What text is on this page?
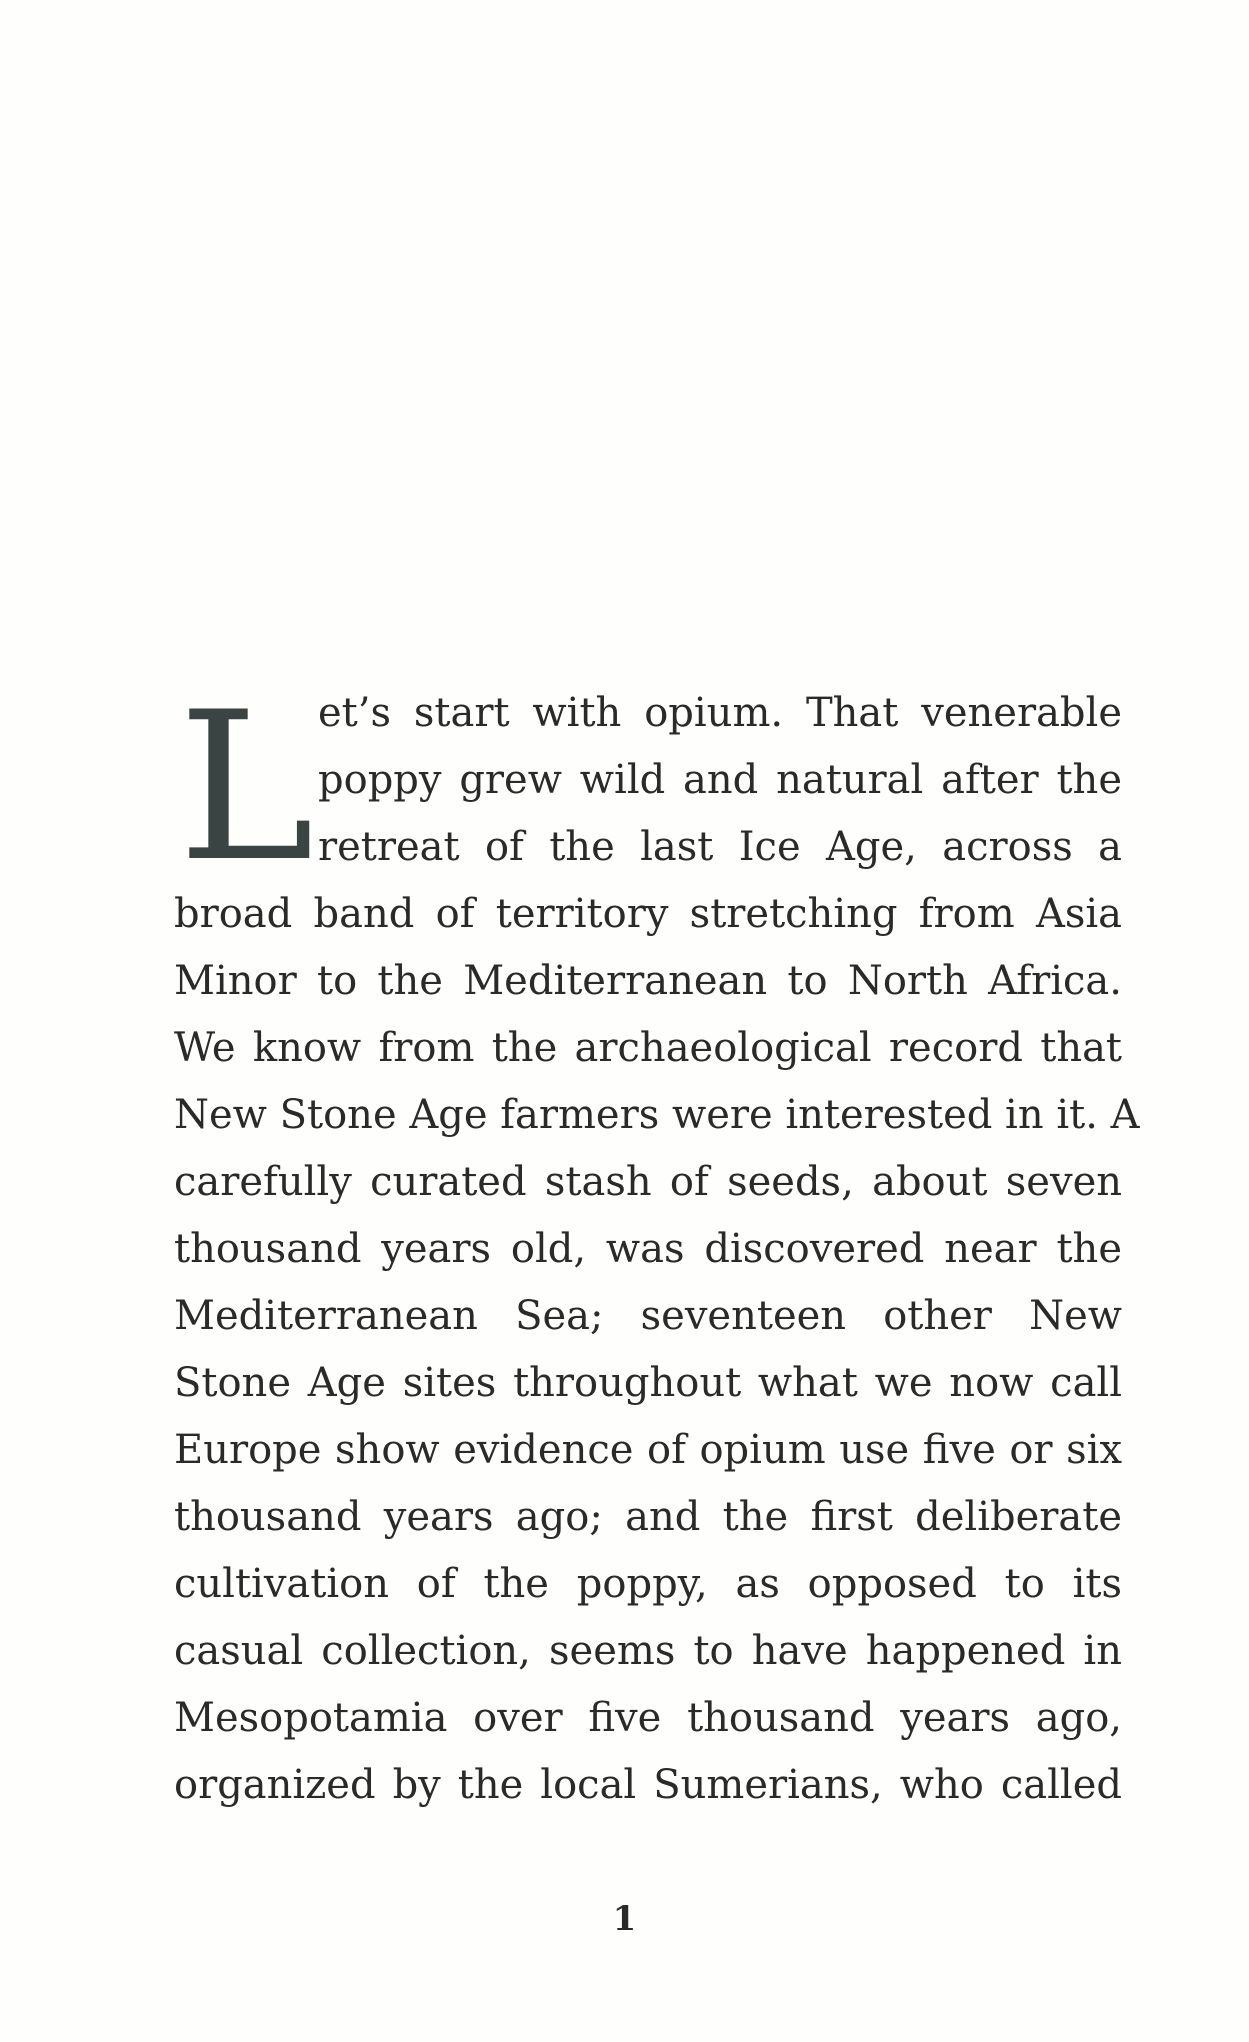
L et’s start with opium. That venerable
poppy grew wild and natural after the
retreat of the last Ice Age, across a
broad band of territory stretching from Asia
Minor to the Mediterranean to North Africa.
We know from the archaeological record that
New Stone Age farmers were interested in it. A
carefully curated stash of seeds, about seven
thousand years old, was discovered near the
Mediterranean Sea; seventeen other New
Stone Age sites throughout what we now call
Europe show evidence of opium use five or six
thousand years ago; and the first deliberate
cultivation of the poppy, as opposed to its
casual collection, seems to have happened in
Mesopotamia over five thousand years ago,
organized by the local Sumerians, who called
1
